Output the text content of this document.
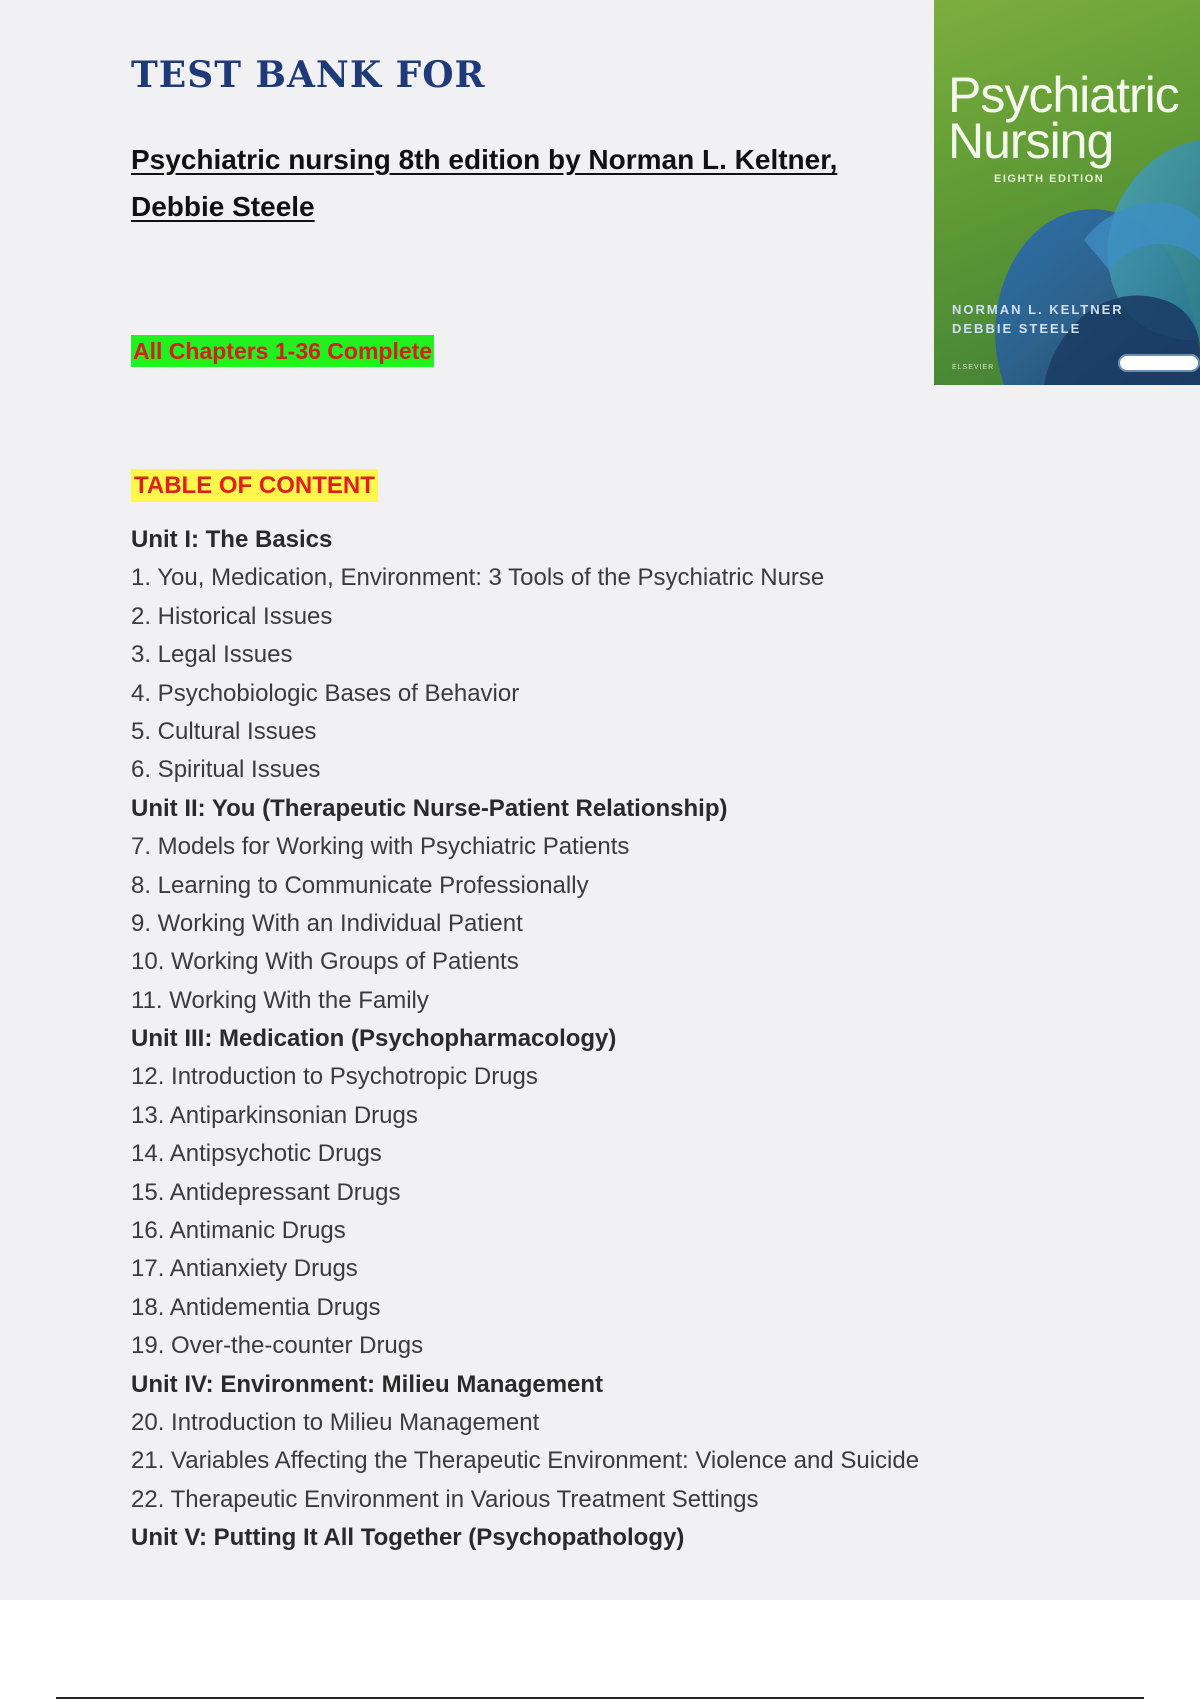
TEST BANK FOR

Psychiatric nursing 8th edition by Norman L. Keltner,
Debbie Steele

All Chapters 1-36 Complete
TABLE OF CONTENT
Unit I: The Basics
1. You, Medication, Environment: 3 Tools of the Psychiatric Nurse
2. Historical Issues
3. Legal Issues
4. Psychobiologic Bases of Behavior
5. Cultural Issues
6. Spiritual Issues
Unit II: You (Therapeutic Nurse-Patient Relationship)
7. Models for Working with Psychiatric Patients
8. Learning to Communicate Professionally
9. Working With an Individual Patient
10. Working With Groups of Patients
11. Working With the Family
Unit III: Medication (Psychopharmacology)
12. Introduction to Psychotropic Drugs
13. Antiparkinsonian Drugs
14. Antipsychotic Drugs
15. Antidepressant Drugs
16. Antimanic Drugs
17. Antianxiety Drugs
18. Antidementia Drugs
19. Over-the-counter Drugs
Unit IV: Environment: Milieu Management
20. Introduction to Milieu Management
21. Variables Affecting the Therapeutic Environment: Violence and Suicide
22. Therapeutic Environment in Various Treatment Settings
Unit V: Putting It All Together (Psychopathology)
Psychiatric
Nursing
EIGHTH EDITION
NORMAN L. KELTNER
DEBBIE STEELE
ELSEVIER
